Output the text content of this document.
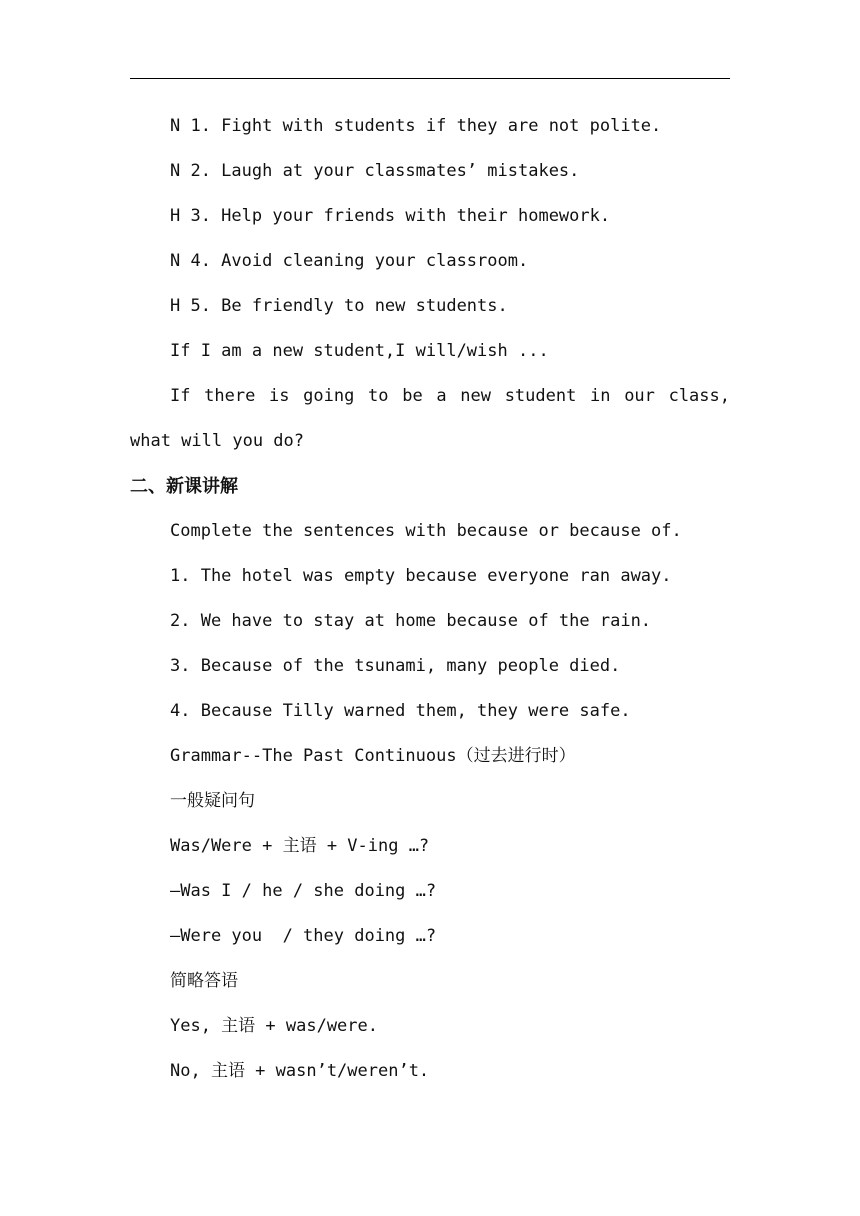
N 1. Fight with students if they are not polite.
N 2. Laugh at your classmates’ mistakes.
H 3. Help your friends with their homework.
N 4. Avoid cleaning your classroom.
H 5. Be friendly to new students.
If I am a new student,I will/wish ...
If there is going to be a new student in our class, what will you do?
二、新课讲解
Complete the sentences with because or because of.
1. The hotel was empty because everyone ran away.
2. We have to stay at home because of the rain.
3. Because of the tsunami, many people died.
4. Because Tilly warned them, they were safe.
Grammar--The Past Continuous（过去进行时）
一般疑问句
Was/Were + 主语 + V-ing …?
—Was I / he / she doing …?
—Were you  / they doing …?
简略答语
Yes, 主语 + was/were.
No, 主语 + wasn’t/weren’t.
